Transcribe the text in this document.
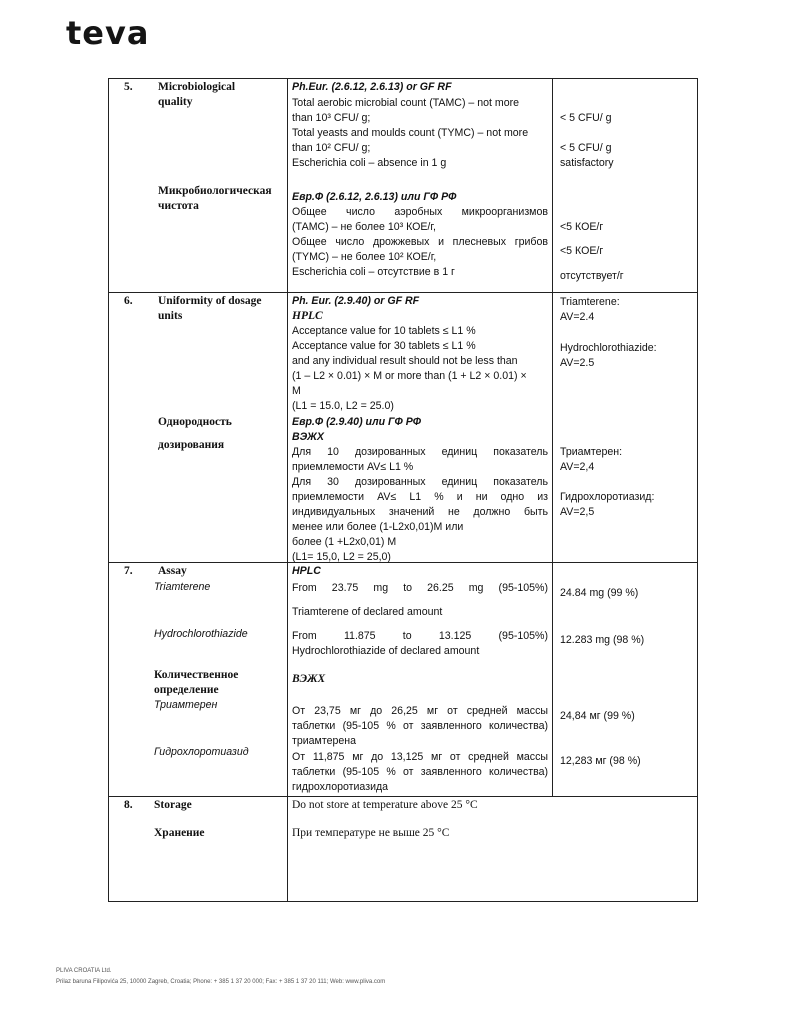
teva
5. Microbiological
quality
Ph.Eur. (2.6.12, 2.6.13) or GF RF
Total aerobic microbial count (TAMC) – not more
than 10³ CFU/ g;
Total yeasts and moulds count (TYMC) – not more
than 10² CFU/ g;
Escherichia coli – absence in 1 g
< 5 CFU/ g
< 5 CFU/ g
satisfactory
Микробиологическая
чистота
Евр.Ф (2.6.12, 2.6.13) или ГФ РФ
Общее число аэробных микроорганизмов
(ТАМС) – не более 10³ КОЕ/г,
Общее число дрожжевых и плесневых грибов
(TYMC) – не более 10² КОЕ/г,
Escherichia coli – отсутствие в 1 г
<5 КОЕ/г
<5 КОЕ/г
отсутствует/г
6. Uniformity of dosage
units
Ph. Eur. (2.9.40) or GF RF
HPLC
Acceptance value for 10 tablets ≤ L1 %
Acceptance value for 30 tablets ≤ L1 %
and any individual result should not be less than
(1 – L2 × 0.01) × M or more than (1 + L2 × 0.01) ×
M
(L1 = 15.0, L2 = 25.0)
Triamterene:
AV=2.4
Hydrochlorothiazide:
AV=2.5
Однородность
дозирования
Евр.Ф (2.9.40) или ГФ РФ
ВЭЖХ
Для 10 дозированных единиц показатель
приемлемости AV≤ L1 %
Для 30 дозированных единиц показатель
приемлемости AV≤ L1 % и ни одно из
индивидуальных значений не должно быть
менее или более (1-L2x0,01)M или
более (1 +L2x0,01) M
(L1= 15,0, L2 = 25,0)
Триамтерен:
AV=2,4
Гидрохлоротиазид:
AV=2,5
7. Assay
Triamterene
Hydrochlorothiazide
HPLC
From 23.75 mg to 26.25 mg (95-105%)
Triamterene of declared amount
24.84 mg (99 %)
From 11.875 to 13.125 (95-105%)
Hydrochlorothiazide of declared amount
12.283 mg (98 %)
Количественное
определение
Триамтерен
Гидрохлоротиазид
ВЭЖХ
От 23,75 мг до 26,25 мг от средней массы
таблетки (95-105 % от заявленного количества)
триамтерена
24,84 мг (99 %)
От 11,875 мг до 13,125 мг от средней массы
таблетки (95-105 % от заявленного количества)
гидрохлоротиазида
12,283 мг (98 %)
8. Storage	Do not store at temperature above 25 °C
Хранение	При температуре не выше 25 °C
PLIVA CROATIA Ltd.
Prilaz baruna Filipovića 25, 10000 Zagreb, Croatia; Phone: + 385 1 37 20 000; Fax: + 385 1 37 20 111; Web: www.pliva.com
